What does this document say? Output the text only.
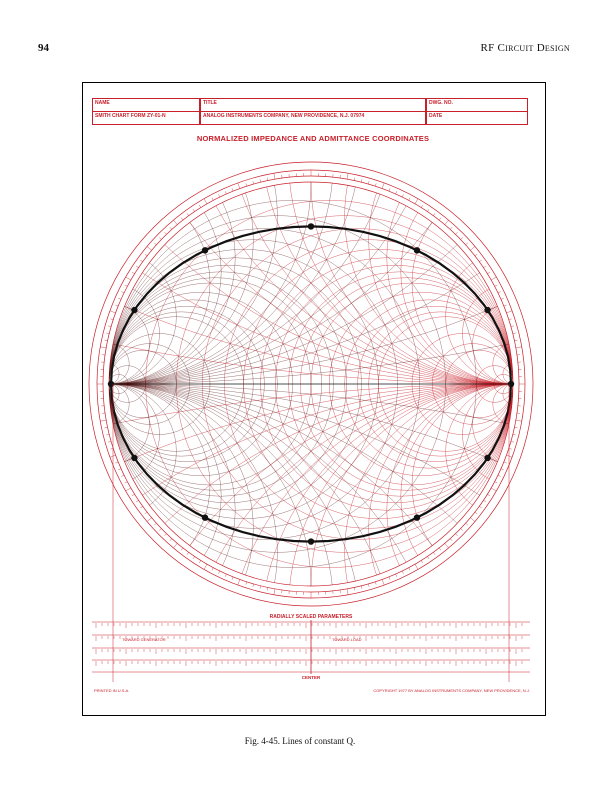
94	RF Circuit Design
NAME	TITLE	DWG. NO.
SMITH CHART FORM ZY-01-N	ANALOG INSTRUMENTS COMPANY, NEW PROVIDENCE, N.J. 07974	DATE
NORMALIZED IMPEDANCE AND ADMITTANCE COORDINATES
RADIALLY SCALED PARAMETERS
TOWARD GENERATOR	TOWARD LOAD
CENTER
PRINTED IN U.S.A.	COPYRIGHT 1977 BY ANALOG INSTRUMENTS COMPANY, NEW PROVIDENCE, N.J.
Fig. 4-45. Lines of constant Q.
